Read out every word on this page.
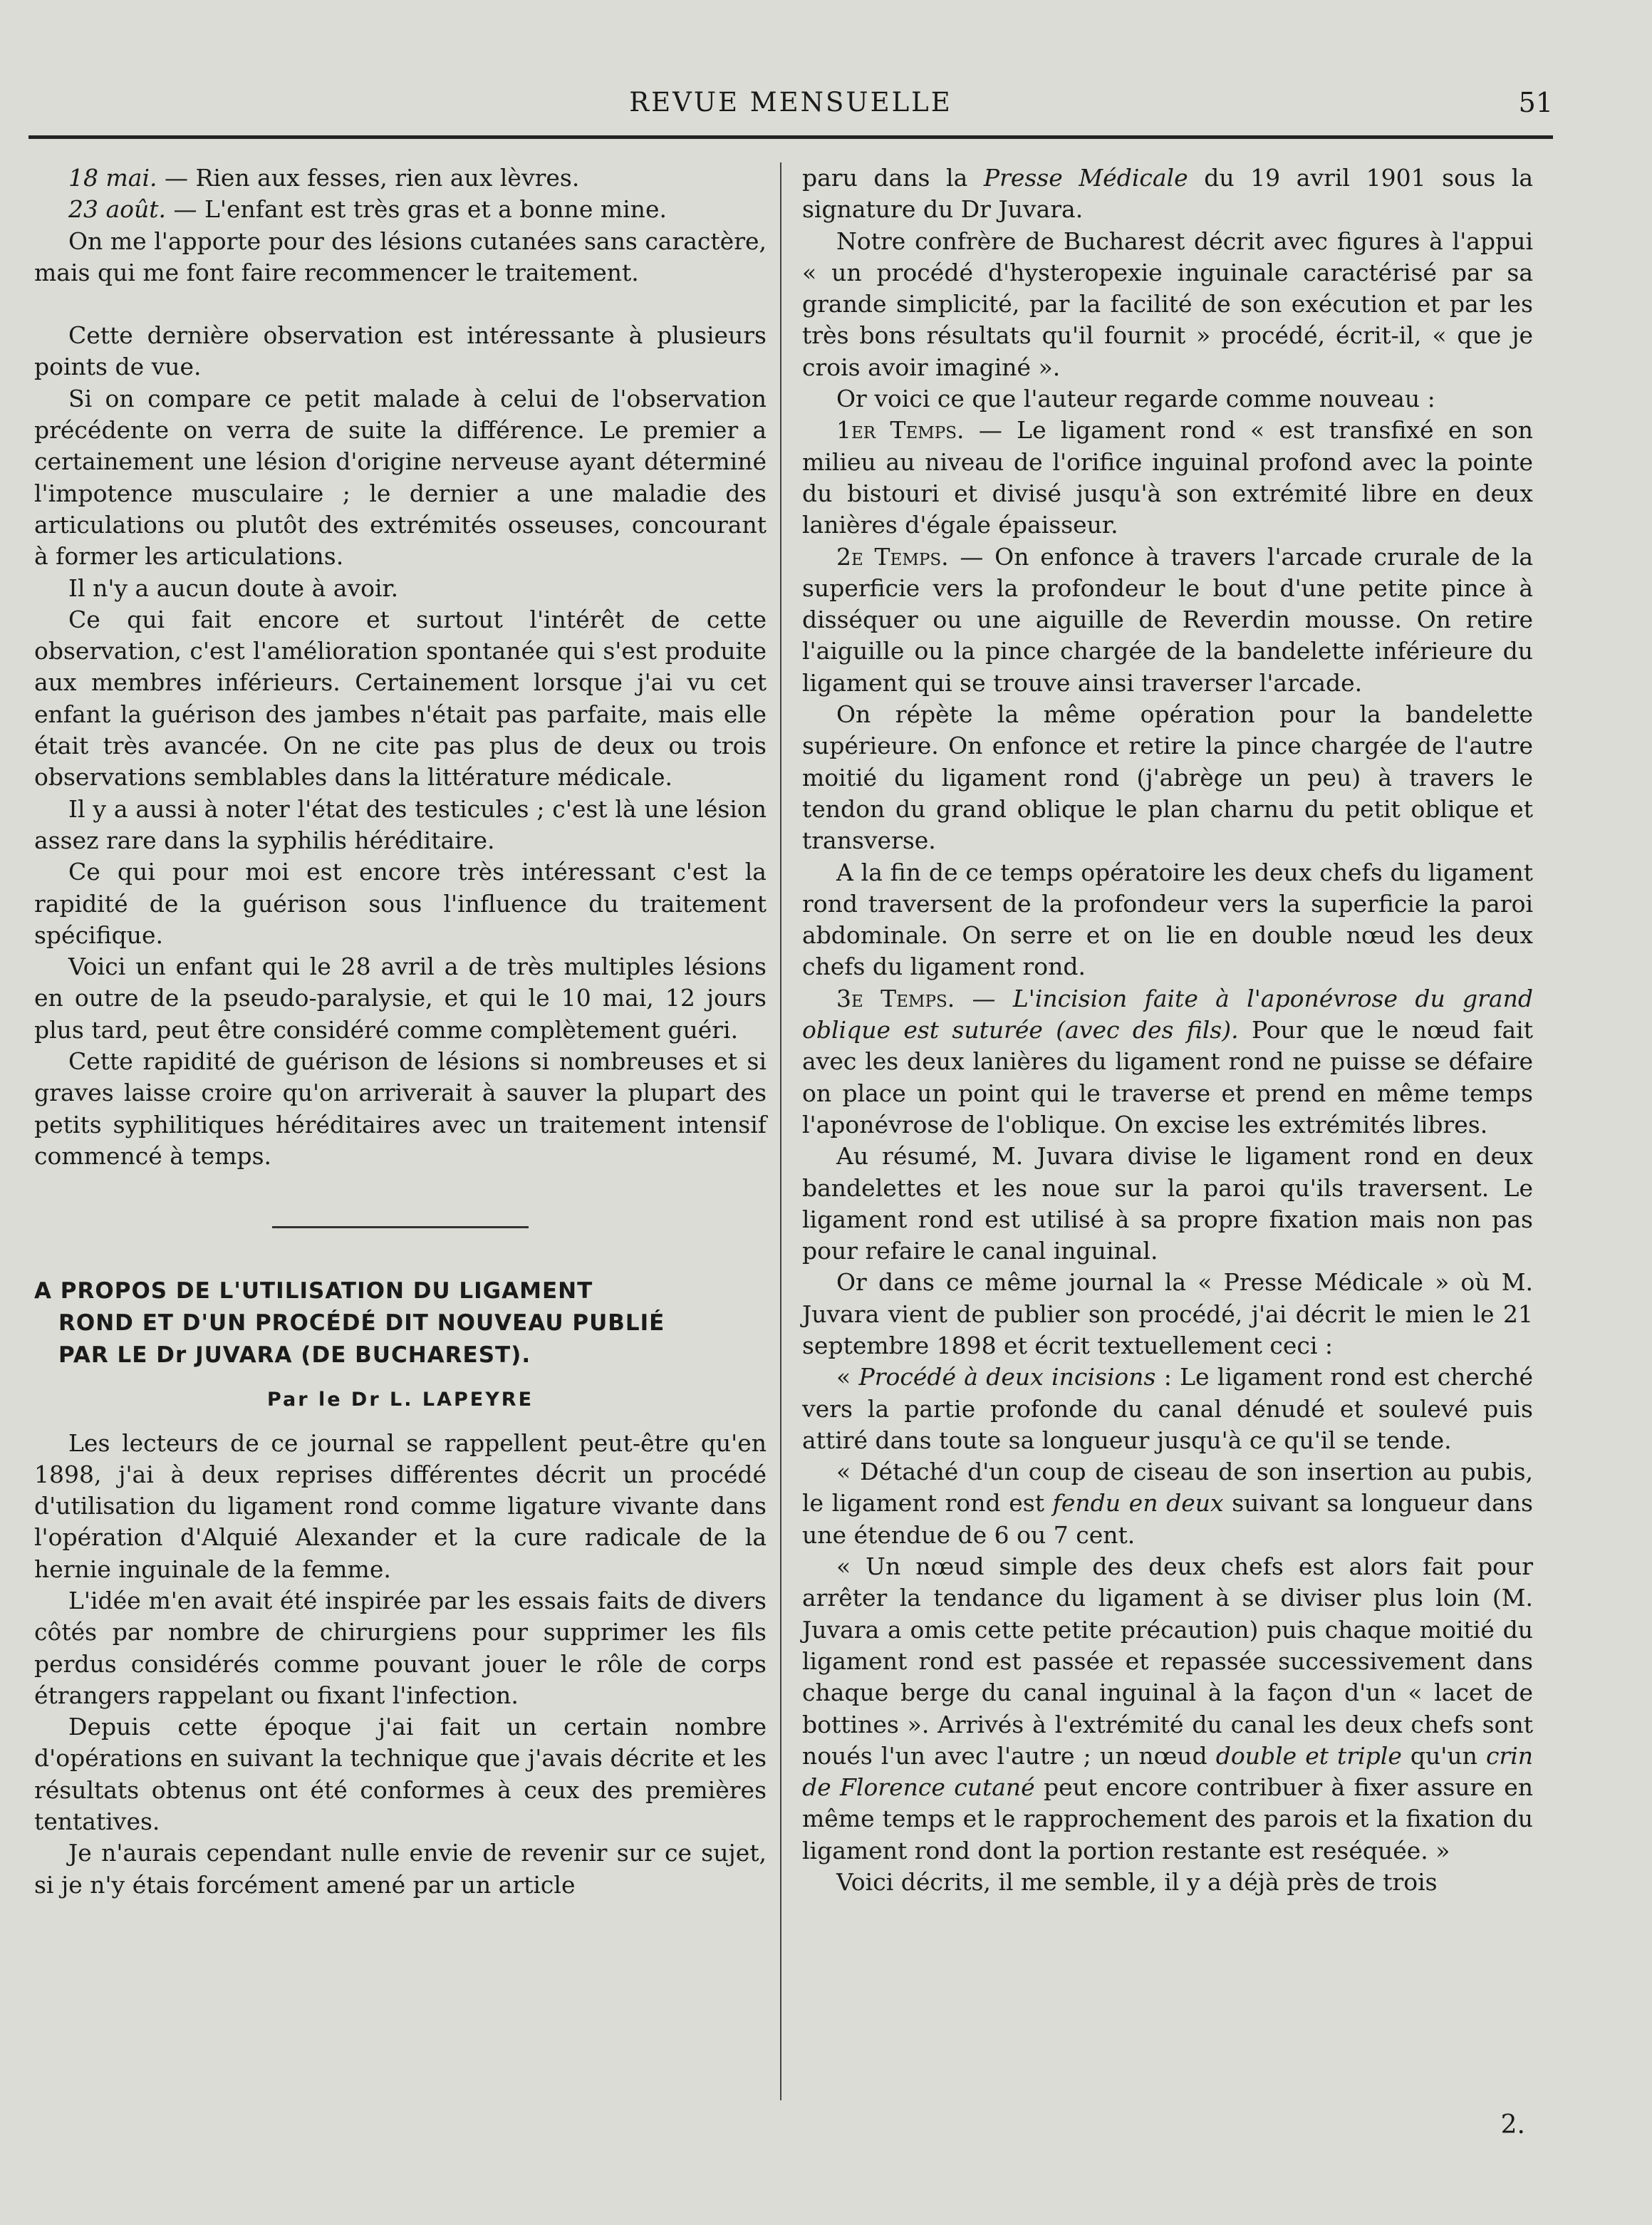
REVUE MENSUELLE	51

18 mai. — Rien aux fesses, rien aux lèvres.

23 août. — L'enfant est très gras et a bonne mine.

On me l'apporte pour des lésions cutanées sans caractère, mais qui me font faire recommencer le traitement.

Cette dernière observation est intéressante à plusieurs points de vue.

Si on compare ce petit malade à celui de l'observation précédente on verra de suite la différence. Le premier a certainement une lésion d'origine nerveuse ayant déterminé l'impotence musculaire ; le dernier a une maladie des articulations ou plutôt des extrémités osseuses, concourant à former les articulations.

Il n'y a aucun doute à avoir.

Ce qui fait encore et surtout l'intérêt de cette observation, c'est l'amélioration spontanée qui s'est produite aux membres inférieurs. Certainement lorsque j'ai vu cet enfant la guérison des jambes n'était pas parfaite, mais elle était très avancée. On ne cite pas plus de deux ou trois observations semblables dans la littérature médicale.

Il y a aussi à noter l'état des testicules ; c'est là une lésion assez rare dans la syphilis héréditaire.

Ce qui pour moi est encore très intéressant c'est la rapidité de la guérison sous l'influence du traitement spécifique.

Voici un enfant qui le 28 avril a de très multiples lésions en outre de la pseudo-paralysie, et qui le 10 mai, 12 jours plus tard, peut être considéré comme complètement guéri.

Cette rapidité de guérison de lésions si nombreuses et si graves laisse croire qu'on arriverait à sauver la plupart des petits syphilitiques héréditaires avec un traitement intensif commencé à temps.

A PROPOS DE L'UTILISATION DU LIGAMENT
ROND ET D'UN PROCÉDÉ DIT NOUVEAU PUBLIÉ
PAR LE Dr JUVARA (DE BUCHAREST).
Par le Dr L. LAPEYRE

Les lecteurs de ce journal se rappellent peut-être qu'en 1898, j'ai à deux reprises différentes décrit un procédé d'utilisation du ligament rond comme ligature vivante dans l'opération d'Alquié Alexander et la cure radicale de la hernie inguinale de la femme.

L'idée m'en avait été inspirée par les essais faits de divers côtés par nombre de chirurgiens pour supprimer les fils perdus considérés comme pouvant jouer le rôle de corps étrangers rappelant ou fixant l'infection.

Depuis cette époque j'ai fait un certain nombre d'opérations en suivant la technique que j'avais décrite et les résultats obtenus ont été conformes à ceux des premières tentatives.

Je n'aurais cependant nulle envie de revenir sur ce sujet, si je n'y étais forcément amené par un article

paru dans la Presse Médicale du 19 avril 1901 sous la signature du Dr Juvara.

Notre confrère de Bucharest décrit avec figures à l'appui « un procédé d'hysteropexie inguinale caractérisé par sa grande simplicité, par la facilité de son exécution et par les très bons résultats qu'il fournit » procédé, écrit-il, « que je crois avoir imaginé ».

Or voici ce que l'auteur regarde comme nouveau :

1er Temps. — Le ligament rond « est transfixé en son milieu au niveau de l'orifice inguinal profond avec la pointe du bistouri et divisé jusqu'à son extrémité libre en deux lanières d'égale épaisseur.

2e Temps. — On enfonce à travers l'arcade crurale de la superficie vers la profondeur le bout d'une petite pince à disséquer ou une aiguille de Reverdin mousse. On retire l'aiguille ou la pince chargée de la bandelette inférieure du ligament qui se trouve ainsi traverser l'arcade.

On répète la même opération pour la bandelette supérieure. On enfonce et retire la pince chargée de l'autre moitié du ligament rond (j'abrège un peu) à travers le tendon du grand oblique le plan charnu du petit oblique et transverse.

A la fin de ce temps opératoire les deux chefs du ligament rond traversent de la profondeur vers la superficie la paroi abdominale. On serre et on lie en double nœud les deux chefs du ligament rond.

3e Temps. — L'incision faite à l'aponévrose du grand oblique est suturée (avec des fils). Pour que le nœud fait avec les deux lanières du ligament rond ne puisse se défaire on place un point qui le traverse et prend en même temps l'aponévrose de l'oblique. On excise les extrémités libres.

Au résumé, M. Juvara divise le ligament rond en deux bandelettes et les noue sur la paroi qu'ils traversent. Le ligament rond est utilisé à sa propre fixation mais non pas pour refaire le canal inguinal.

Or dans ce même journal la « Presse Médicale » où M. Juvara vient de publier son procédé, j'ai décrit le mien le 21 septembre 1898 et écrit textuellement ceci :

« Procédé à deux incisions : Le ligament rond est cherché vers la partie profonde du canal dénudé et soulevé puis attiré dans toute sa longueur jusqu'à ce qu'il se tende.

« Détaché d'un coup de ciseau de son insertion au pubis, le ligament rond est fendu en deux suivant sa longueur dans une étendue de 6 ou 7 cent.

« Un nœud simple des deux chefs est alors fait pour arrêter la tendance du ligament à se diviser plus loin (M. Juvara a omis cette petite précaution) puis chaque moitié du ligament rond est passée et repassée successivement dans chaque berge du canal inguinal à la façon d'un « lacet de bottines ». Arrivés à l'extrémité du canal les deux chefs sont noués l'un avec l'autre ; un nœud double et triple qu'un crin de Florence cutané peut encore contribuer à fixer assure en même temps et le rapprochement des parois et la fixation du ligament rond dont la portion restante est reséquée. »

Voici décrits, il me semble, il y a déjà près de trois

2.
